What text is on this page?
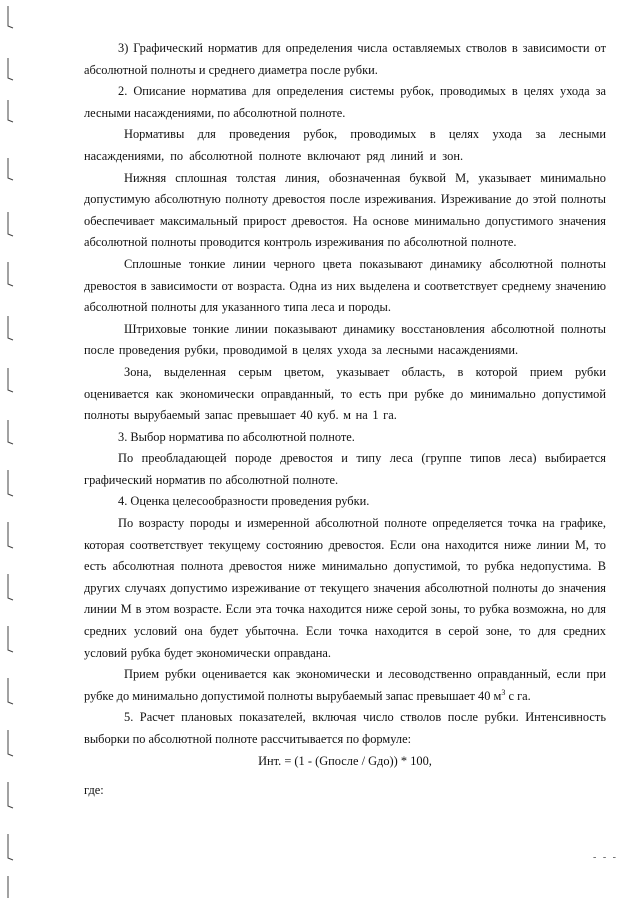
3) Графический норматив для определения числа оставляемых стволов в зависимости от абсолютной полноты и среднего диаметра после рубки.

2. Описание норматива для определения системы рубок, проводимых в целях ухода за лесными насаждениями, по абсолютной полноте.

Нормативы для проведения рубок, проводимых в целях ухода за лесными насаждениями, по абсолютной полноте включают ряд линий и зон.

Нижняя сплошная толстая линия, обозначенная буквой М, указывает минимально допустимую абсолютную полноту древостоя после изреживания. Изреживание до этой полноты обеспечивает максимальный прирост древостоя. На основе минимально допустимого значения абсолютной полноты проводится контроль изреживания по абсолютной полноте.

Сплошные тонкие линии черного цвета показывают динамику абсолютной полноты древостоя в зависимости от возраста. Одна из них выделена и соответствует среднему значению абсолютной полноты для указанного типа леса и породы.

Штриховые тонкие линии показывают динамику восстановления абсолютной полноты после проведения рубки, проводимой в целях ухода за лесными насаждениями.

Зона, выделенная серым цветом, указывает область, в которой прием рубки оценивается как экономически оправданный, то есть при рубке до минимально допустимой полноты вырубаемый запас превышает 40 куб. м на 1 га.

3. Выбор норматива по абсолютной полноте.

По преобладающей породе древостоя и типу леса (группе типов леса) выбирается графический норматив по абсолютной полноте.

4. Оценка целесообразности проведения рубки.

По возрасту породы и измеренной абсолютной полноте определяется точка на графике, которая соответствует текущему состоянию древостоя. Если она находится ниже линии М, то есть абсолютная полнота древостоя ниже минимально допустимой, то рубка недопустима. В других случаях допустимо изреживание от текущего значения абсолютной полноты до значения линии М в этом возрасте. Если эта точка находится ниже серой зоны, то рубка возможна, но для средних условий она будет убыточна. Если точка находится в серой зоне, то для средних условий рубка будет экономически оправдана.

Прием рубки оценивается как экономически и лесоводственно оправданный, если при рубке до минимально допустимой полноты вырубаемый запас превышает 40 $м^3$ с га.

5. Расчет плановых показателей, включая число стволов после рубки. Интенсивность выборки по абсолютной полноте рассчитывается по формуле:

Инт. = (1 - (Gпосле / Gдо)) * 100,

где:

- - -
